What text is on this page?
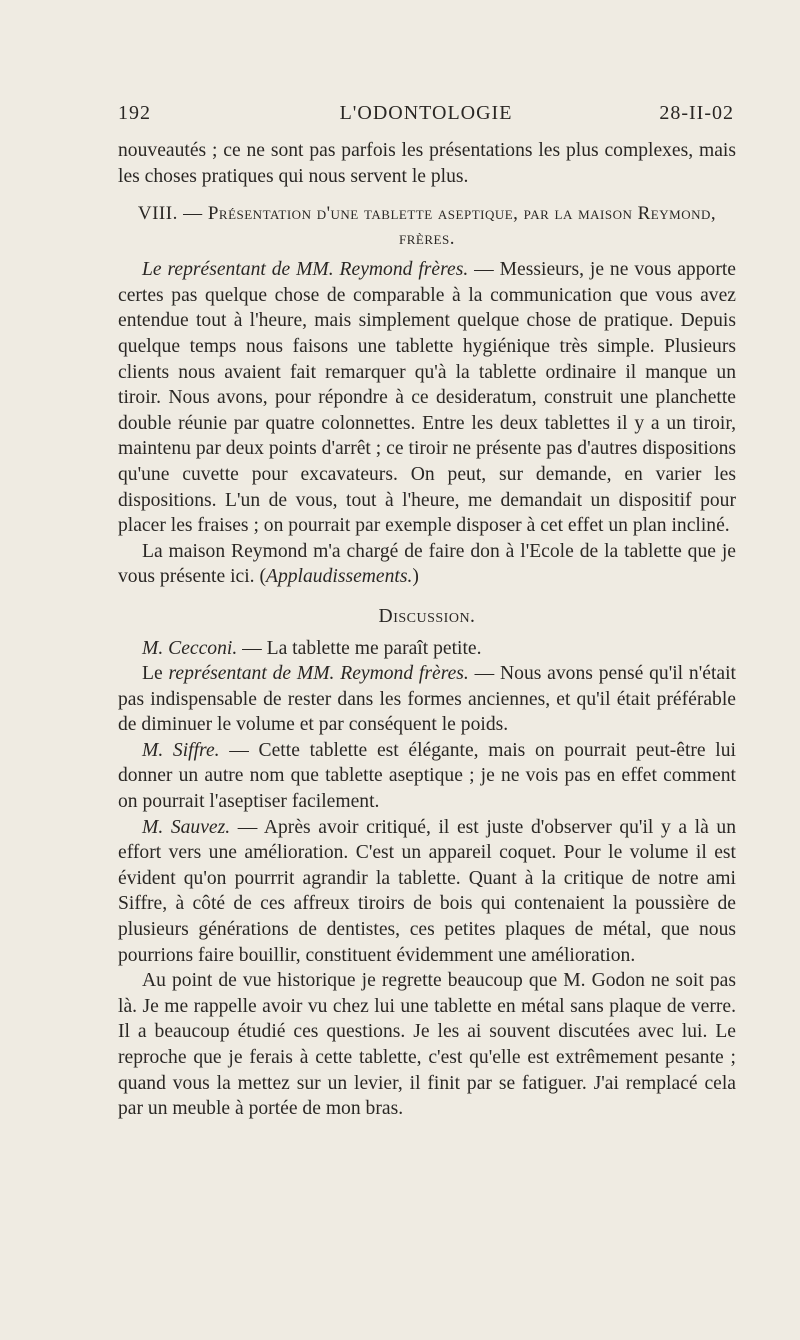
192	L'ODONTOLOGIE	28-II-02

nouveautés ; ce ne sont pas parfois les présentations les plus complexes, mais les choses pratiques qui nous servent le plus.

VIII. — Présentation d'une tablette aseptique, par la maison Reymond, frères.

Le représentant de MM. Reymond frères. — Messieurs, je ne vous apporte certes pas quelque chose de comparable à la communication que vous avez entendue tout à l'heure, mais simplement quelque chose de pratique. Depuis quelque temps nous faisons une tablette hygiénique très simple. Plusieurs clients nous avaient fait remarquer qu'à la tablette ordinaire il manque un tiroir. Nous avons, pour répondre à ce desideratum, construit une planchette double réunie par quatre colonnettes. Entre les deux tablettes il y a un tiroir, maintenu par deux points d'arrêt ; ce tiroir ne présente pas d'autres dispositions qu'une cuvette pour excavateurs. On peut, sur demande, en varier les dispositions. L'un de vous, tout à l'heure, me demandait un dispositif pour placer les fraises ; on pourrait par exemple disposer à cet effet un plan incliné.

La maison Reymond m'a chargé de faire don à l'Ecole de la tablette que je vous présente ici. (Applaudissements.)

Discussion.

M. Cecconi. — La tablette me paraît petite.

Le représentant de MM. Reymond frères. — Nous avons pensé qu'il n'était pas indispensable de rester dans les formes anciennes, et qu'il était préférable de diminuer le volume et par conséquent le poids.

M. Siffre. — Cette tablette est élégante, mais on pourrait peut-être lui donner un autre nom que tablette aseptique ; je ne vois pas en effet comment on pourrait l'aseptiser facilement.

M. Sauvez. — Après avoir critiqué, il est juste d'observer qu'il y a là un effort vers une amélioration. C'est un appareil coquet. Pour le volume il est évident qu'on pourrrit agrandir la tablette. Quant à la critique de notre ami Siffre, à côté de ces affreux tiroirs de bois qui contenaient la poussière de plusieurs générations de dentistes, ces petites plaques de métal, que nous pourrions faire bouillir, constituent évidemment une amélioration.

Au point de vue historique je regrette beaucoup que M. Godon ne soit pas là. Je me rappelle avoir vu chez lui une tablette en métal sans plaque de verre. Il a beaucoup étudié ces questions. Je les ai souvent discutées avec lui. Le reproche que je ferais à cette tablette, c'est qu'elle est extrêmement pesante ; quand vous la mettez sur un levier, il finit par se fatiguer. J'ai remplacé cela par un meuble à portée de mon bras.
